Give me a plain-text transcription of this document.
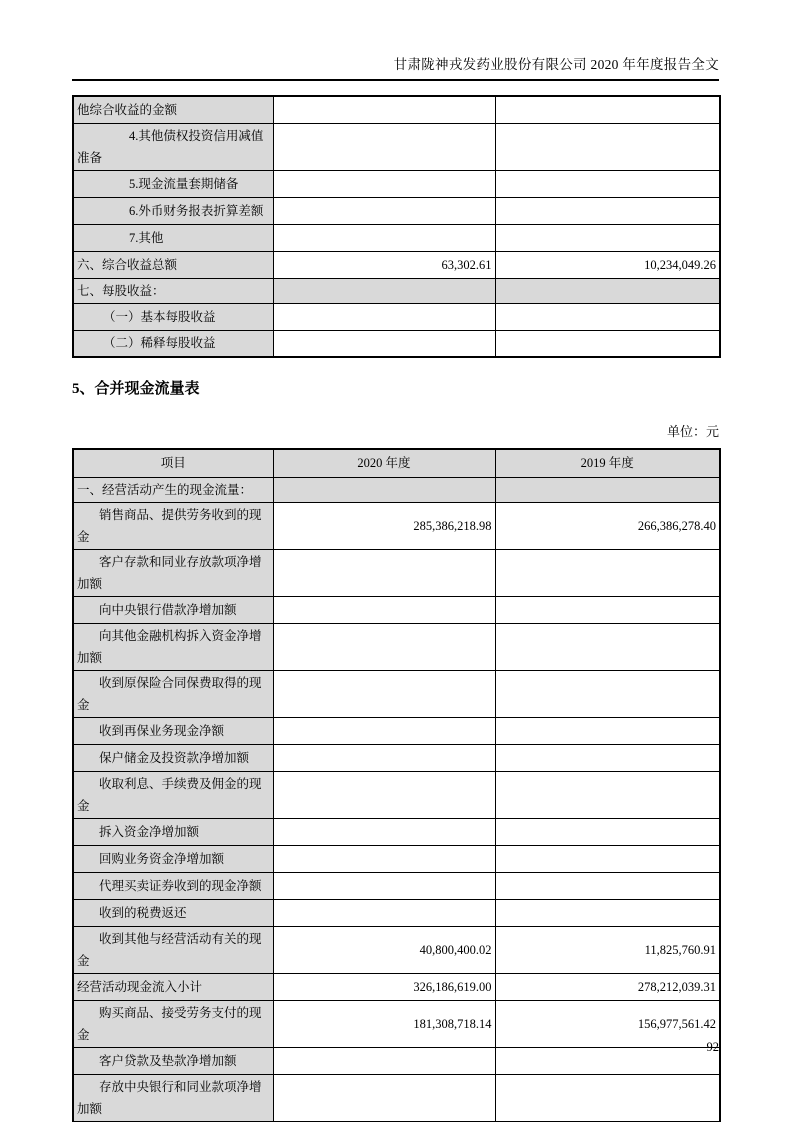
甘肃陇神戎发药业股份有限公司 2020 年年度报告全文
他综合收益的金额		
4.其他债权投资信用减值准备		
5.现金流量套期储备		
6.外币财务报表折算差额		
7.其他		
六、综合收益总额	63,302.61	10,234,049.26
七、每股收益：		
（一）基本每股收益		
（二）稀释每股收益		
5、合并现金流量表
单位：元
项目	2020 年度	2019 年度
一、经营活动产生的现金流量：		
销售商品、提供劳务收到的现金	285,386,218.98	266,386,278.40
客户存款和同业存放款项净增加额		
向中央银行借款净增加额		
向其他金融机构拆入资金净增加额		
收到原保险合同保费取得的现金		
收到再保业务现金净额		
保户储金及投资款净增加额		
收取利息、手续费及佣金的现金		
拆入资金净增加额		
回购业务资金净增加额		
代理买卖证券收到的现金净额		
收到的税费返还		
收到其他与经营活动有关的现金	40,800,400.02	11,825,760.91
经营活动现金流入小计	326,186,619.00	278,212,039.31
购买商品、接受劳务支付的现金	181,308,718.14	156,977,561.42
客户贷款及垫款净增加额		
存放中央银行和同业款项净增加额		
92
